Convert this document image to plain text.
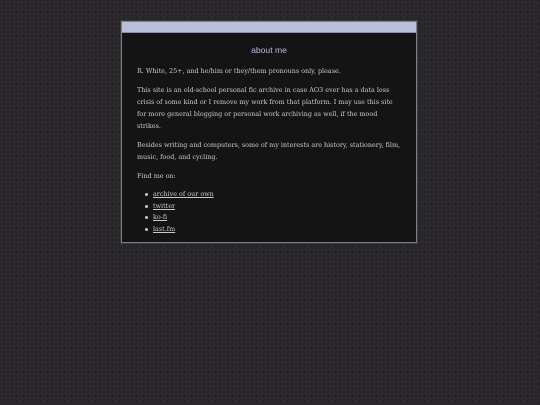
about me

R. White, 25+, and he/him or they/them pronouns only, please.

This site is an old-school personal fic archive in case AO3 ever has a data loss crisis of some kind or I remove my work from that platform. I may use this site for more general blogging or personal work archiving as well, if the mood strikes.

Besides writing and computers, some of my interests are history, stationery, film, music, food, and cycling.

Find me on:

archive of our own
twitter
ko-fi
last.fm
